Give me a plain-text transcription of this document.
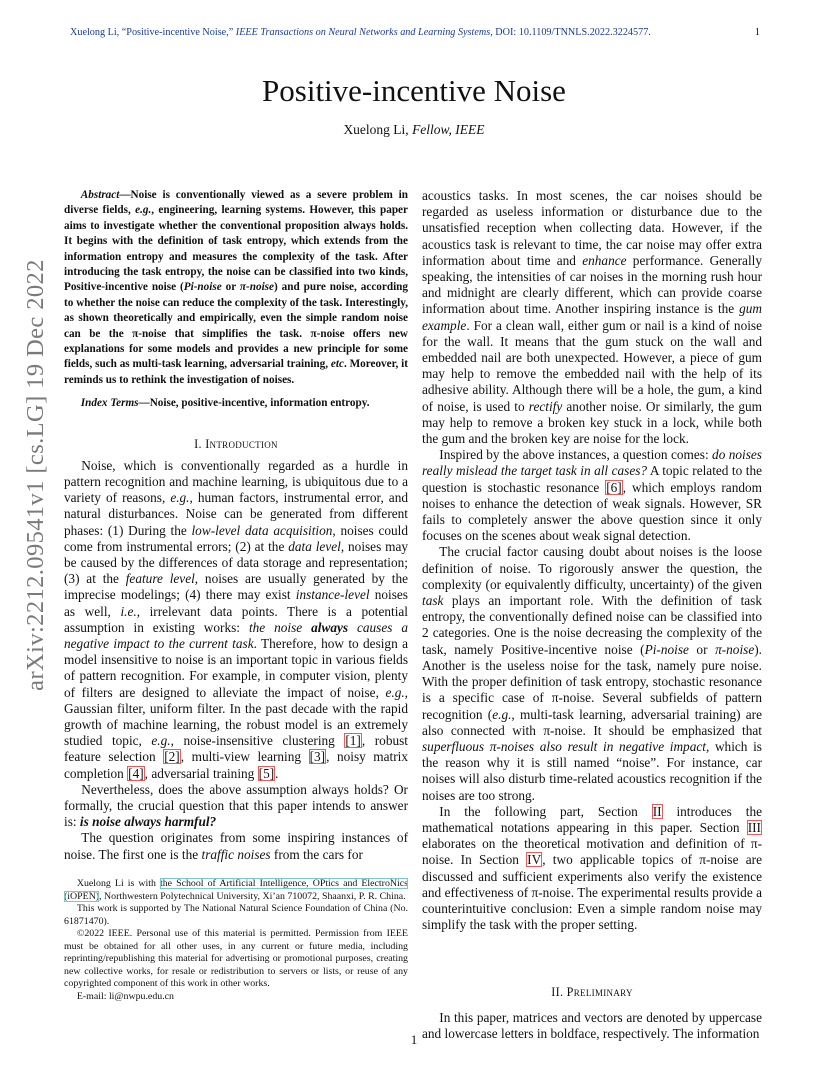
Xuelong Li, “Positive-incentive Noise,” IEEE Transactions on Neural Networks and Learning Systems, DOI: 10.1109/TNNLS.2022.3224577.	1
arXiv:2212.09541v1 [cs.LG] 19 Dec 2022
Positive-incentive Noise
Xuelong Li, Fellow, IEEE

Abstract—Noise is conventionally viewed as a severe problem in diverse fields, e.g., engineering, learning systems. However, this paper aims to investigate whether the conventional proposition always holds. It begins with the definition of task entropy, which extends from the information entropy and measures the complexity of the task. After introducing the task entropy, the noise can be classified into two kinds, Positive-incentive noise (Pi-noise or π-noise) and pure noise, according to whether the noise can reduce the complexity of the task. Interestingly, as shown theoretically and empirically, even the simple random noise can be the π-noise that simplifies the task. π-noise offers new explanations for some models and provides a new principle for some fields, such as multi-task learning, adversarial training, etc. Moreover, it reminds us to rethink the investigation of noises.

Index Terms—Noise, positive-incentive, information entropy.

I. Introduction

Noise, which is conventionally regarded as a hurdle in pattern recognition and machine learning, is ubiquitous due to a variety of reasons, e.g., human factors, instrumental error, and natural disturbances. Noise can be generated from different phases: (1) During the low-level data acquisition, noises could come from instrumental errors; (2) at the data level, noises may be caused by the differences of data storage and representation; (3) at the feature level, noises are usually generated by the imprecise modelings; (4) there may exist instance-level noises as well, i.e., irrelevant data points. There is a potential assumption in existing works: the noise always causes a negative impact to the current task. Therefore, how to design a model insensitive to noise is an important topic in various fields of pattern recognition. For example, in computer vision, plenty of filters are designed to alleviate the impact of noise, e.g., Gaussian filter, uniform filter. In the past decade with the rapid growth of machine learning, the robust model is an extremely studied topic, e.g., noise-insensitive clustering [1], robust feature selection [2], multi-view learning [3], noisy matrix completion [4], adversarial training [5].

Nevertheless, does the above assumption always holds? Or formally, the crucial question that this paper intends to answer is: is noise always harmful?

The question originates from some inspiring instances of noise. The first one is the traffic noises from the cars for

Xuelong Li is with the School of Artificial Intelligence, OPtics and ElectroNics (iOPEN), Northwestern Polytechnical University, Xi’an 710072, Shaanxi, P. R. China.

This work is supported by The National Natural Science Foundation of China (No. 61871470).

©2022 IEEE. Personal use of this material is permitted. Permission from IEEE must be obtained for all other uses, in any current or future media, including reprinting/republishing this material for advertising or promotional purposes, creating new collective works, for resale or redistribution to servers or lists, or reuse of any copyrighted component of this work in other works.

E-mail: li@nwpu.edu.cn

acoustics tasks. In most scenes, the car noises should be regarded as useless information or disturbance due to the unsatisfied reception when collecting data. However, if the acoustics task is relevant to time, the car noise may offer extra information about time and enhance performance. Generally speaking, the intensities of car noises in the morning rush hour and midnight are clearly different, which can provide coarse information about time. Another inspiring instance is the gum example. For a clean wall, either gum or nail is a kind of noise for the wall. It means that the gum stuck on the wall and embedded nail are both unexpected. However, a piece of gum may help to remove the embedded nail with the help of its adhesive ability. Although there will be a hole, the gum, a kind of noise, is used to rectify another noise. Or similarly, the gum may help to remove a broken key stuck in a lock, while both the gum and the broken key are noise for the lock.

Inspired by the above instances, a question comes: do noises really mislead the target task in all cases? A topic related to the question is stochastic resonance [6], which employs random noises to enhance the detection of weak signals. However, SR fails to completely answer the above question since it only focuses on the scenes about weak signal detection.

The crucial factor causing doubt about noises is the loose definition of noise. To rigorously answer the question, the complexity (or equivalently difficulty, uncertainty) of the given task plays an important role. With the definition of task entropy, the conventionally defined noise can be classified into 2 categories. One is the noise decreasing the complexity of the task, namely Positive-incentive noise (Pi-noise or π-noise). Another is the useless noise for the task, namely pure noise. With the proper definition of task entropy, stochastic resonance is a specific case of π-noise. Several subfields of pattern recognition (e.g., multi-task learning, adversarial training) are also connected with π-noise. It should be emphasized that superfluous π-noises also result in negative impact, which is the reason why it is still named “noise”. For instance, car noises will also disturb time-related acoustics recognition if the noises are too strong.

In the following part, Section II introduces the mathematical notations appearing in this paper. Section III elaborates on the theoretical motivation and definition of π-noise. In Section IV, two applicable topics of π-noise are discussed and sufficient experiments also verify the existence and effectiveness of π-noise. The experimental results provide a counterintuitive conclusion: Even a simple random noise may simplify the task with the proper setting.

II. Preliminary

In this paper, matrices and vectors are denoted by uppercase and lowercase letters in boldface, respectively. The information

1
